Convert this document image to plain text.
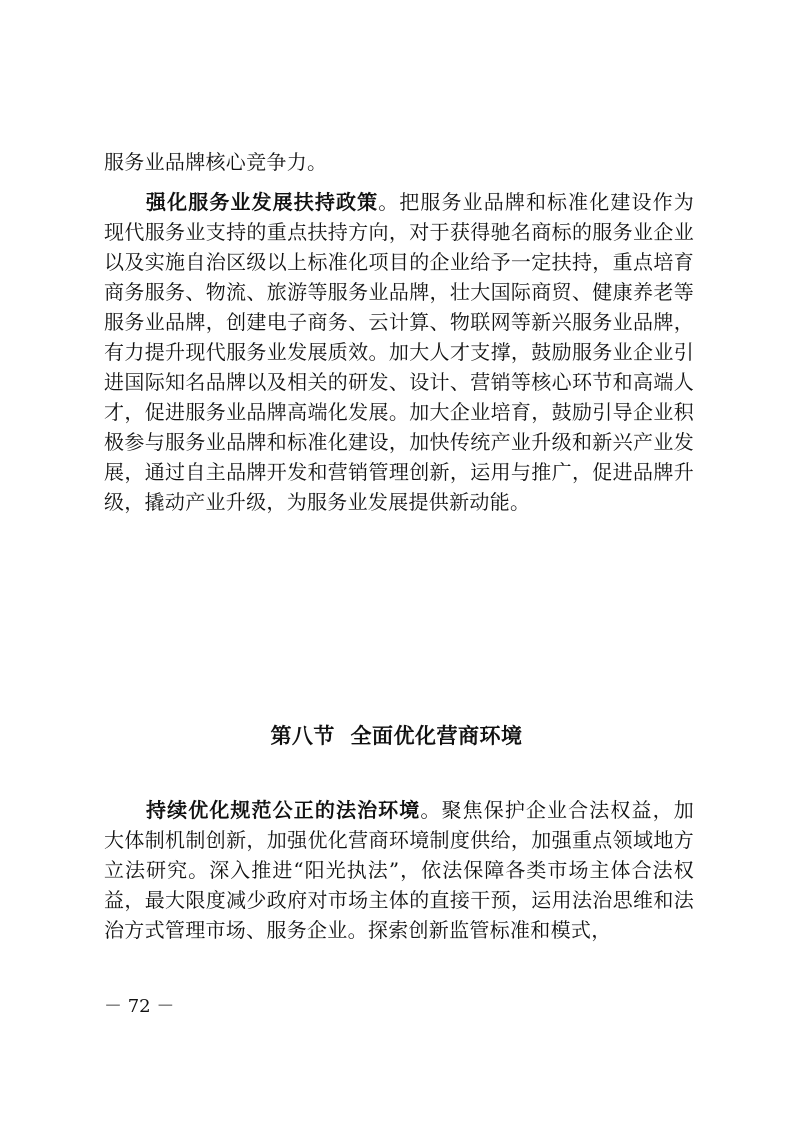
服务业品牌核心竞争力。

强化服务业发展扶持政策。把服务业品牌和标准化建设作为现代服务业支持的重点扶持方向，对于获得驰名商标的服务业企业以及实施自治区级以上标准化项目的企业给予一定扶持，重点培育商务服务、物流、旅游等服务业品牌，壮大国际商贸、健康养老等服务业品牌，创建电子商务、云计算、物联网等新兴服务业品牌，有力提升现代服务业发展质效。加大人才支撑，鼓励服务业企业引进国际知名品牌以及相关的研发、设计、营销等核心环节和高端人才，促进服务业品牌高端化发展。加大企业培育，鼓励引导企业积极参与服务业品牌和标准化建设，加快传统产业升级和新兴产业发展，通过自主品牌开发和营销管理创新，运用与推广，促进品牌升级，撬动产业升级，为服务业发展提供新动能。

第八节  全面优化营商环境

持续优化规范公正的法治环境。聚焦保护企业合法权益，加大体制机制创新，加强优化营商环境制度供给，加强重点领域地方立法研究。深入推进“阳光执法”，依法保障各类市场主体合法权益，最大限度减少政府对市场主体的直接干预，运用法治思维和法治方式管理市场、服务企业。探索创新监管标准和模式，

－ 72 －
